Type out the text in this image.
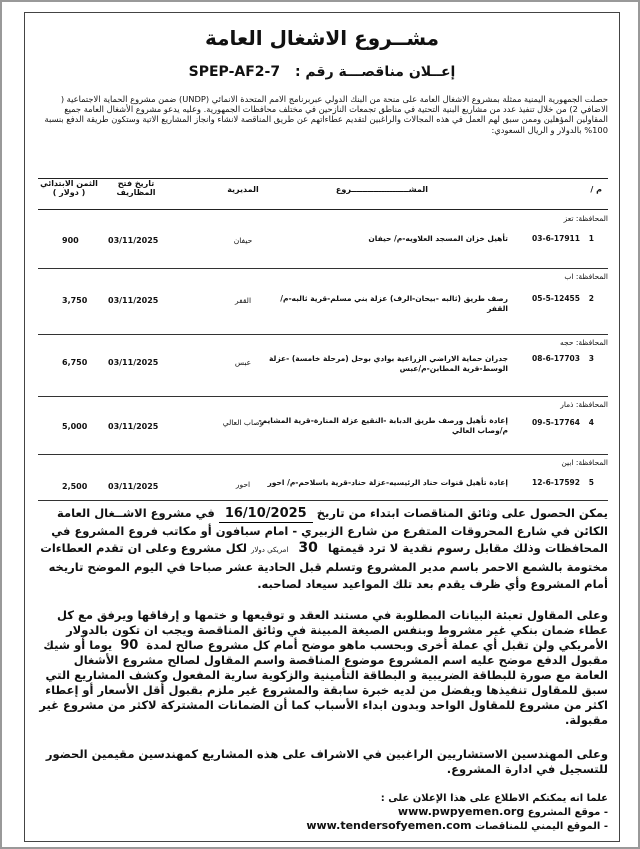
مشــروع الاشغال العامة
SPEP-AF2-7 إعــلان مناقصـــة رقم :
حصلت الجمهورية اليمنية ممثلة بمشروع الاشغال العامة على منحة من البنك الدولي عبربرنامج الامم المتحدة الانمائي (UNDP) ضمن مشروع الحماية الاجتماعية ( الاضافي 2) من خلال تنفيذ عدد من مشاريع البنية التحتية في مناطق تجمعات النازحين في مختلف محافظات الجمهورية. وعليه يدعو مشروع الأشغال العامة جميع المقاولين المؤهلين وممن سبق لهم العمل في هذه المجالات والراغبين لتقديم عطاءاتهم عن طريق المناقصة لانشاء وانجاز المشاريع الاتية وستكون طريقة الدفع بنسبة 100% بالدولار و الريال السعودي:
م /
المشـــــــــــــــــــــروع
المديرية
تاريخ فتح المظاريف
الثمن الابتدائي ( دولار )
المحافظة: تعز
1
03-6-17911
تأهيل خزان المسجد العلاويه-م/ حيفان
حيفان
03/11/2025
900
المحافظة: اب
2
05-5-12455
رصف طريق (ثالبه -بيحان-الرف) عزلة بني مسلم-قرية ثالبه-م/ القفر
القفر
03/11/2025
3,750
المحافظة: حجه
3
08-6-17703
جدران حماية الاراضي الزراعية بوادي بوحل (مرحلة خامسة) -عزلة الوسط-قرية المطابن-م/عبس
عبس
03/11/2025
6,750
المحافظة: ذمار
4
09-5-17764
إعادة تأهيل ورصف طريق الدبابة -النقيع عزلة المنارة-قرية المشايم-م/وصاب العالي
وصاب العالي
03/11/2025
5,000
المحافظة: ابين
5
12-6-17592
إعادة تأهيل قنوات حناد الرئيسيه-عزلة حناد-قرية باسلاحم-م/ احور
احور
03/11/2025
2,500
يمكن الحصول على وثائق المناقصات ابتداء من تاريخ 16/10/2025 في مشروع الاشــغال العامة الكائن في شارع المحروقات المتفرع من شارع الزبيري - امام سبافون أو مكاتب فروع المشروع في المحافظات وذلك مقابل رسوم نقدية لا ترد قيمتها 30 امريكي دولار لكل مشروع وعلى ان تقدم العطاءات مختومة بالشمع الاحمر باسم مدير المشروع وتسلم قبل الحادية عشر صباحا في اليوم الموضح تاريخه أمام المشروع وأي ظرف يقدم بعد تلك المواعيد سيعاد لصاحبه.
وعلى المقاول تعبئة البيانات المطلوبة في مستند العقد و توقيعها و ختمها و إرفاقها ويرفق مع كل عطاء ضمان بنكي غير مشروط وبنفس الصيغة المبينة في وثائق المناقصة ويجب ان تكون بالدولار الأمريكي ولن تقبل أي عملة أخرى وبحسب ماهو موضح أمام كل مشروع صالح لمدة 90 يوما أو شيك مقبول الدفع موضح عليه اسم المشروع موضوع المناقصة واسم المقاول لصالح مشروع الأشغال العامة مع صورة للبطاقة الضريبية و البطاقة التأمينية والزكوية سارية المفعول وكشف المشاريع التي سبق للمقاول تنفيذها ويفضل من لديه خبرة سابقة والمشروع غير ملزم بقبول أقل الأسعار أو إعطاء اكثر من مشروع للمقاول الواحد وبدون ابداء الأسباب كما أن الضمانات المشتركة لاكثر من مشروع غير مقبولة.
وعلى المهندسين الاستشاريين الراغبين في الاشراف على هذه المشاريع كمهندسين مقيمين الحضور للتسجيل في ادارة المشروع.
علما انه يمكنكم الاطلاع على هذا الإعلان على :
- موقع المشروع www.pwpyemen.org
- الموقع اليمني للمناقصات www.tendersofyemen.com
